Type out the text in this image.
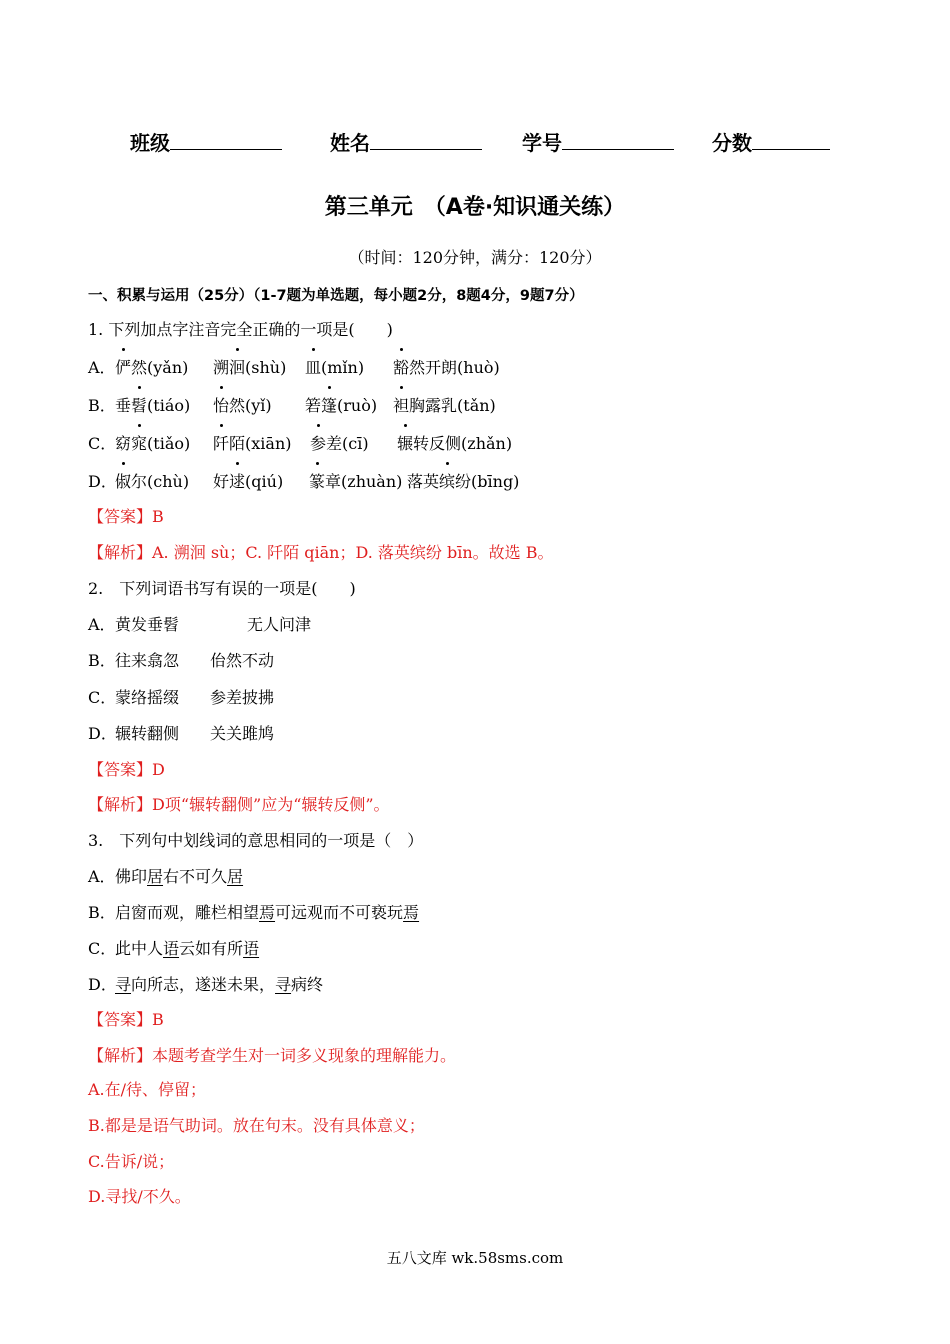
班级	姓名	学号	分数
第三单元　（A卷·知识通关练）
（时间：120分钟，满分：120分）
一、积累与运用（25分）（1-7题为单选题，每小题2分，8题4分，9题7分）
1. 下列加点字注音完全正确的一项是(　　)
A． 俨然(yǎn) 溯洄(shù) 皿(mǐn) 豁然开朗(huò)
B． 垂髫(tiáo) 怡然(yǐ) 箬篷(ruò) 袒胸露乳(tǎn)
C．
窈窕(tiǎo) 阡陌(xiān) 参差(cī) 辗转反侧(zhǎn)
D．
俶尔(chù) 好逑(qiú) 篆章(zhuàn) 落英缤纷(bīng)
【答案】B
【解析】A. 溯洄 sù；C. 阡陌 qiān；D. 落英缤纷 bīn。故选 B。
2.　下列词语书写有误的一项是(　　)
A． 黄发垂髫	无人问津
B． 往来翕忽 佁然不动
C．
蒙络摇缀 参差披拂
D．
辗转翻侧 关关雎鸠
【答案】D
【解析】D项“辗转翻侧”应为“辗转反侧”。
3.　下列句中划线词的意思相同的一项是（　）
A． 佛印居右不可久居
B． 启窗而观，雕栏相望焉可远观而不可亵玩焉
C．
此中人语云如有所语
D．
寻向所志，遂迷未果，寻病终
【答案】B
【解析】本题考查学生对一词多义现象的理解能力。
A.在/待、停留；
B.都是是语气助词。放在句末。没有具体意义；
C.告诉/说；
D.寻找/不久。
五八文库 wk.58sms.com
